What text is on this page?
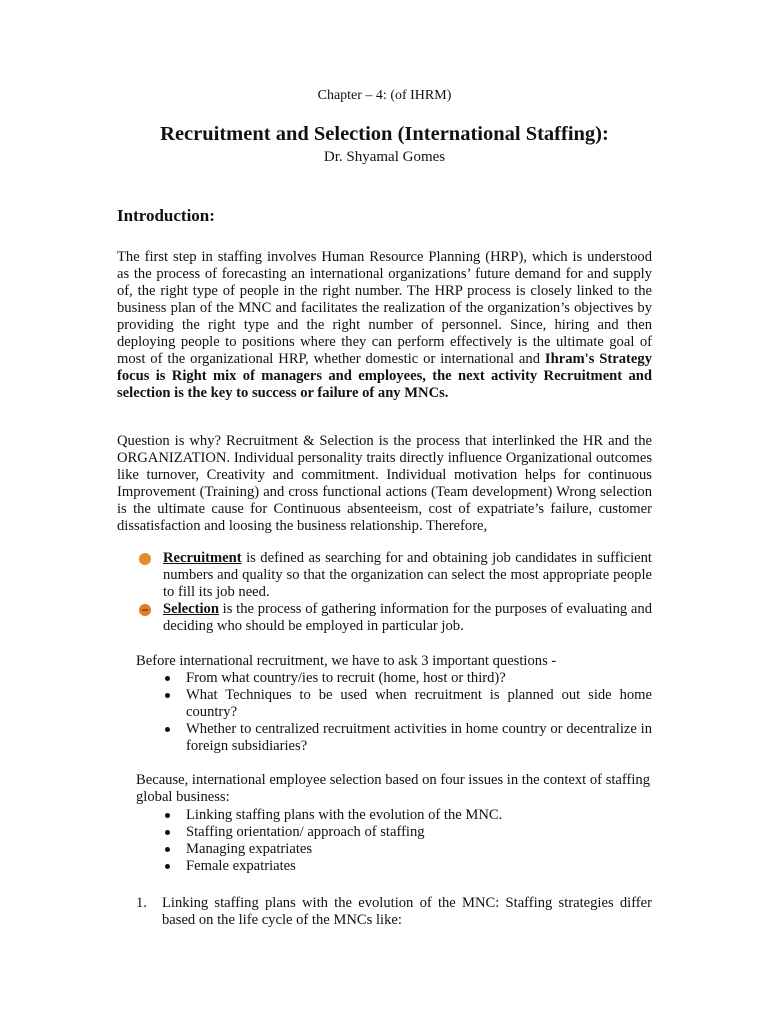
Chapter – 4: (of IHRM)
Recruitment and Selection (International Staffing):
Dr. Shyamal Gomes
Introduction:
The first step in staffing involves Human Resource Planning (HRP), which is understood as the process of forecasting an international organizations’ future demand for and supply of, the right type of people in the right number. The HRP process is closely linked to the business plan of the MNC and facilitates the realization of the organization’s objectives by providing the right type and the right number of personnel. Since, hiring and then deploying people to positions where they can perform effectively is the ultimate goal of most of the organizational HRP, whether domestic or international and Ihram's Strategy focus is Right mix of managers and employees, the next activity Recruitment and selection is the key to success or failure of any MNCs.
Question is why? Recruitment & Selection is the process that interlinked the HR and the ORGANIZATION. Individual personality traits directly influence Organizational outcomes like turnover, Creativity and commitment. Individual motivation helps for continuous Improvement (Training) and cross functional actions (Team development) Wrong selection is the ultimate cause for Continuous absenteeism, cost of expatriate’s failure, customer dissatisfaction and loosing the business relationship. Therefore,
Recruitment is defined as searching for and obtaining job candidates in sufficient numbers and quality so that the organization can select the most appropriate people to fill its job need.
Selection is the process of gathering information for the purposes of evaluating and deciding who should be employed in particular job.
Before international recruitment, we have to ask 3 important questions -
From what country/ies to recruit (home, host or third)?
What Techniques to be used when recruitment is planned out side home country?
Whether to centralized recruitment activities in home country or decentralize in foreign subsidiaries?
Because, international employee selection based on four issues in the context of staffing global business:
Linking staffing plans with the evolution of the MNC.
Staffing orientation/ approach of staffing
Managing expatriates
Female expatriates
1. Linking staffing plans with the evolution of the MNC: Staffing strategies differ based on the life cycle of the MNCs like:
